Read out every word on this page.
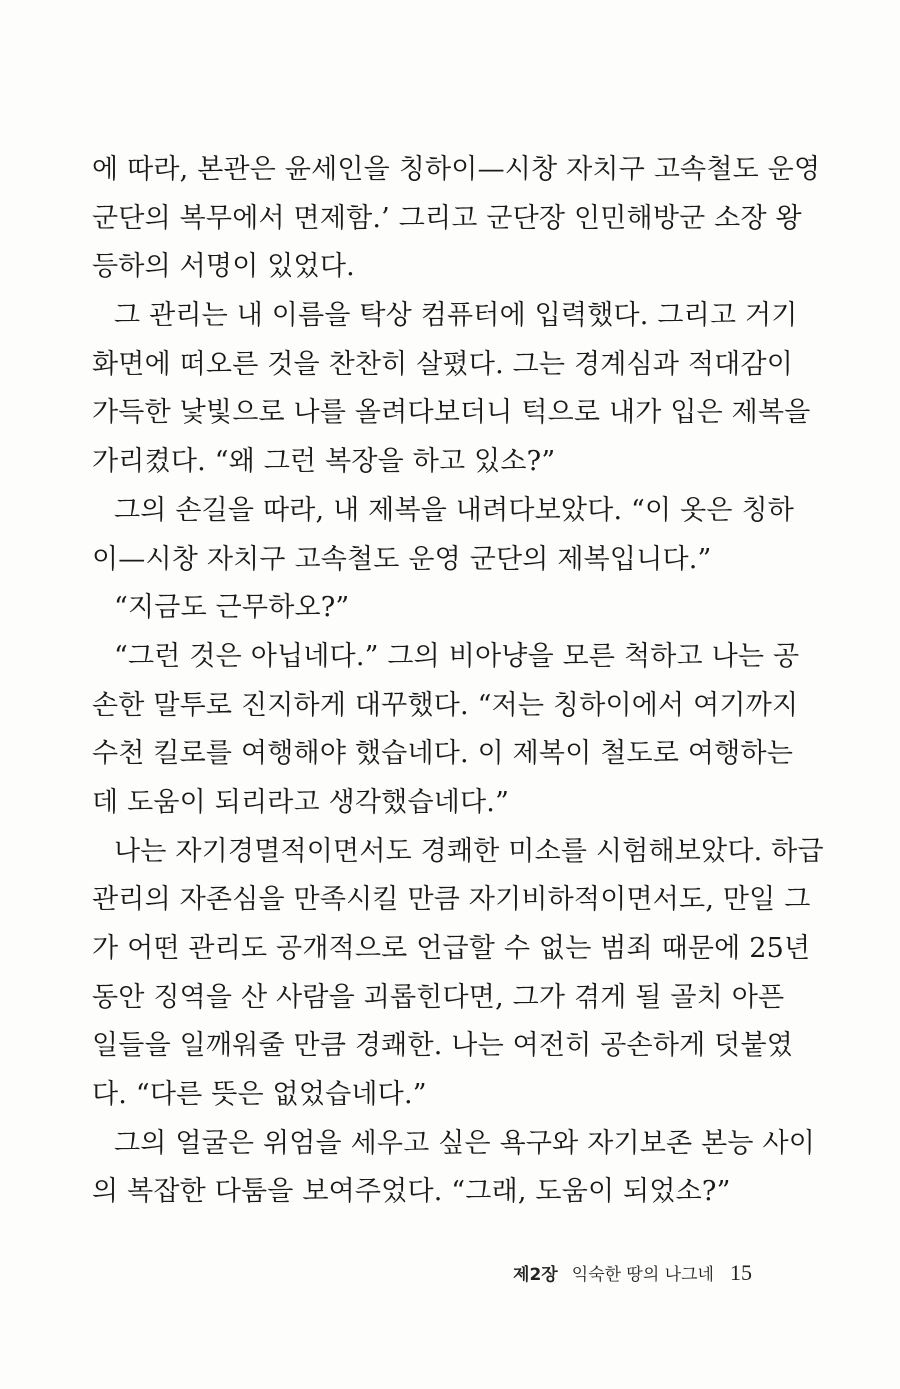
에 따라, 본관은 윤세인을 칭하이—시창 자치구 고속철도 운영
군단의 복무에서 면제함.’ 그리고 군단장 인민해방군 소장 왕
등하의 서명이 있었다.
그 관리는 내 이름을 탁상 컴퓨터에 입력했다. 그리고 거기
화면에 떠오른 것을 찬찬히 살폈다. 그는 경계심과 적대감이
가득한 낯빛으로 나를 올려다보더니 턱으로 내가 입은 제복을
가리켰다. “왜 그런 복장을 하고 있소?”
그의 손길을 따라, 내 제복을 내려다보았다. “이 옷은 칭하
이—시창 자치구 고속철도 운영 군단의 제복입니다.”
“지금도 근무하오?”
“그런 것은 아닙네다.” 그의 비아냥을 모른 척하고 나는 공
손한 말투로 진지하게 대꾸했다. “저는 칭하이에서 여기까지
수천 킬로를 여행해야 했습네다. 이 제복이 철도로 여행하는
데 도움이 되리라고 생각했습네다.”
나는 자기경멸적이면서도 경쾌한 미소를 시험해보았다. 하급
관리의 자존심을 만족시킬 만큼 자기비하적이면서도, 만일 그
가 어떤 관리도 공개적으로 언급할 수 없는 범죄 때문에 25년
동안 징역을 산 사람을 괴롭힌다면, 그가 겪게 될 골치 아픈
일들을 일깨워줄 만큼 경쾌한. 나는 여전히 공손하게 덧붙였
다. “다른 뜻은 없었습네다.”
그의 얼굴은 위엄을 세우고 싶은 욕구와 자기보존 본능 사이
의 복잡한 다툼을 보여주었다. “그래, 도움이 되었소?”
제2장 익숙한 땅의 나그네 15
